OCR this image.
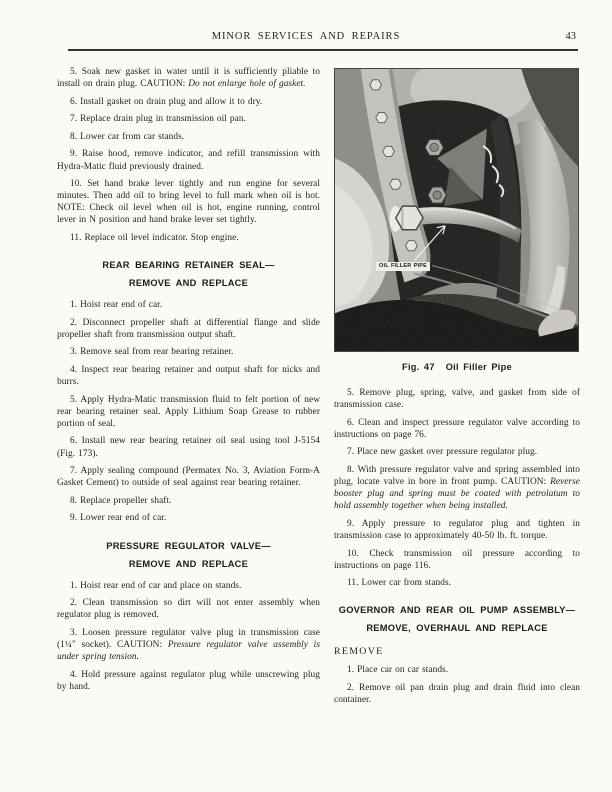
MINOR SERVICES AND REPAIRS	43

5. Soak new gasket in water until it is sufficiently pliable to install on drain plug. CAUTION: Do not enlarge hole of gasket.

6. Install gasket on drain plug and allow it to dry.

7. Replace drain plug in transmission oil pan.

8. Lower car from car stands.

9. Raise hood, remove indicator, and refill transmission with Hydra-Matic fluid previously drained.

10. Set hand brake lever tightly and run engine for several minutes. Then add oil to bring level to full mark when oil is hot. NOTE: Check oil level when oil is hot, engine running, control lever in N position and hand brake lever set tightly.

11. Replace oil level indicator. Stop engine.

REAR BEARING RETAINER SEAL—
REMOVE AND REPLACE

1. Hoist rear end of car.

2. Disconnect propeller shaft at differential flange and slide propeller shaft from transmission output shaft.

3. Remove seal from rear bearing retainer.

4. Inspect rear bearing retainer and output shaft for nicks and burrs.

5. Apply Hydra-Matic transmission fluid to felt portion of new rear bearing retainer seal. Apply Lithium Soap Grease to rubber portion of seal.

6. Install new rear bearing retainer oil seal using tool J-5154 (Fig. 173).

7. Apply sealing compound (Permatex No. 3, Aviation Form-A Gasket Cement) to outside of seal against rear bearing retainer.

8. Replace propeller shaft.

9. Lower rear end of car.

PRESSURE REGULATOR VALVE—
REMOVE AND REPLACE

1. Hoist rear end of car and place on stands.

2. Clean transmission so dirt will not enter assembly when regulator plug is removed.

3. Loosen pressure regulator valve plug in transmission case (1¼″ socket). CAUTION: Pressure regulator valve assembly is under spring tension.

4. Hold pressure against regulator plug while unscrewing plug by hand.

OIL FILLER PIPE
Fig. 47 Oil Filler Pipe

5. Remove plug, spring, valve, and gasket from side of transmission case.

6. Clean and inspect pressure regulator valve according to instructions on page 76.

7. Place new gasket over pressure regulator plug.

8. With pressure regulator valve and spring assembled into plug, locate valve in bore in front pump. CAUTION: Reverse booster plug and spring must be coated with petrolatum to hold assembly together when being installed.

9. Apply pressure to regulator plug and tighten in transmission case to approximately 40-50 lb. ft. torque.

10. Check transmission oil pressure according to instructions on page 116.

11. Lower car from stands.

GOVERNOR AND REAR OIL PUMP ASSEMBLY—
REMOVE, OVERHAUL AND REPLACE
REMOVE

1. Place car on car stands.

2. Remove oil pan drain plug and drain fluid into clean container.
